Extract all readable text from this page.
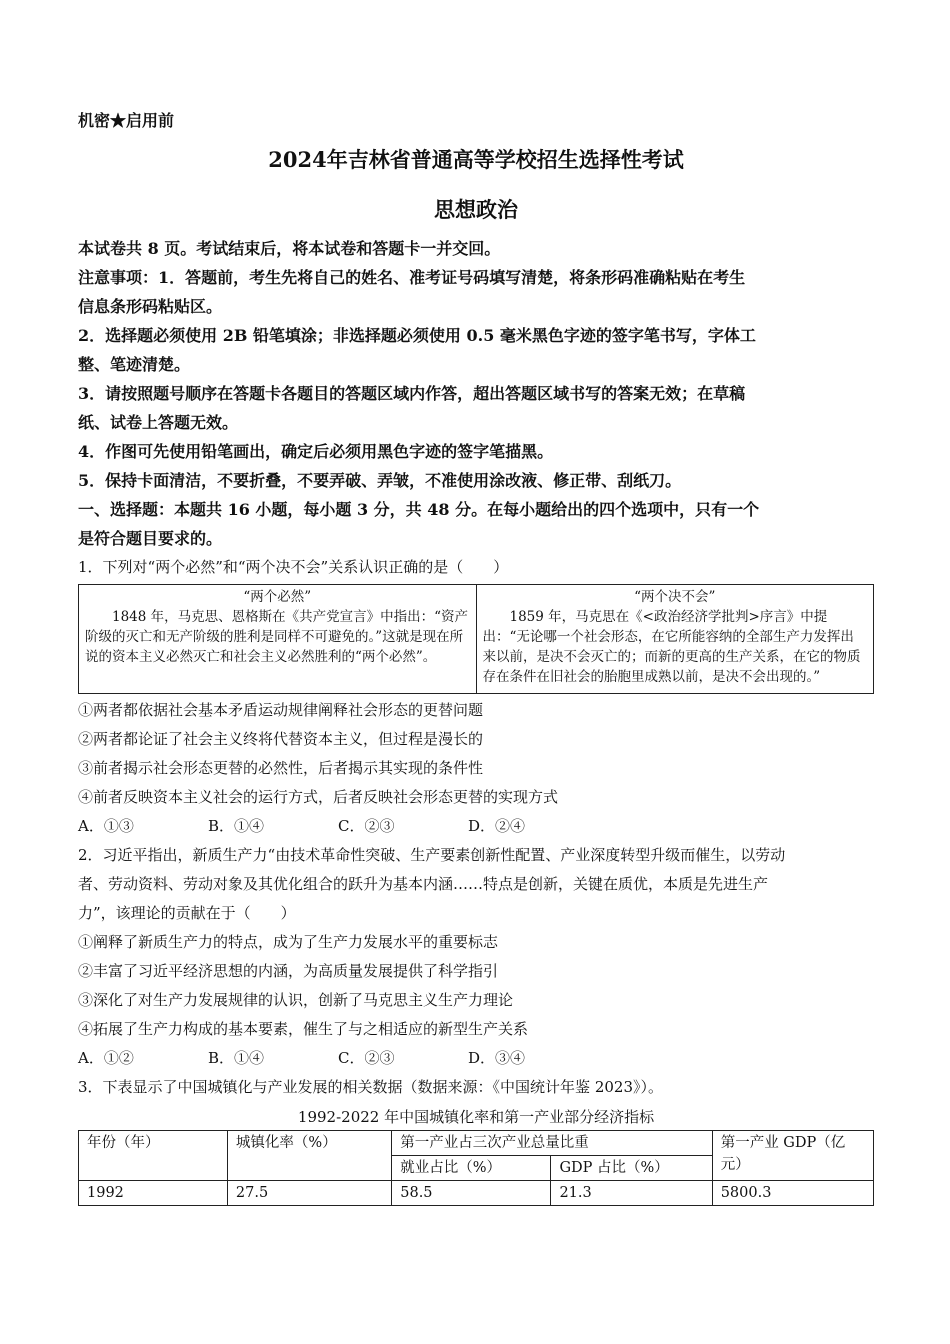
机密★启用前
2024年吉林省普通高等学校招生选择性考试
思想政治
本试卷共 8 页。考试结束后，将本试卷和答题卡一并交回。
注意事项：1．答题前，考生先将自己的姓名、准考证号码填写清楚，将条形码准确粘贴在考生
信息条形码粘贴区。
2．选择题必须使用 2B 铅笔填涂；非选择题必须使用 0.5 毫米黑色字迹的签字笔书写，字体工
整、笔迹清楚。
3．请按照题号顺序在答题卡各题目的答题区域内作答，超出答题区域书写的答案无效；在草稿
纸、试卷上答题无效。
4．作图可先使用铅笔画出，确定后必须用黑色字迹的签字笔描黑。
5．保持卡面清洁，不要折叠，不要弄破、弄皱，不准使用涂改液、修正带、刮纸刀。
一、选择题：本题共 16 小题，每小题 3 分，共 48 分。在每小题给出的四个选项中，只有一个
是符合题目要求的。
1．下列对“两个必然”和“两个决不会”关系认识正确的是（　　）
“两个必然”
1848 年，马克思、恩格斯在《共产党宣言》中指出：“资产阶级的灭亡和无产阶级的胜利是同样不可避免的。”这就是现在所说的资本主义必然灭亡和社会主义必然胜利的“两个必然”。

“两个决不会”
1859 年，马克思在《<政治经济学批判>序言》中提出：“无论哪一个社会形态，在它所能容纳的全部生产力发挥出来以前，是决不会灭亡的；而新的更高的生产关系，在它的物质存在条件在旧社会的胎胞里成熟以前，是决不会出现的。”
①两者都依据社会基本矛盾运动规律阐释社会形态的更替问题
②两者都论证了社会主义终将代替资本主义，但过程是漫长的
③前者揭示社会形态更替的必然性，后者揭示其实现的条件性
④前者反映资本主义社会的运行方式，后者反映社会形态更替的实现方式
A．①③	B．①④	C．②③	D．②④
2．习近平指出，新质生产力“由技术革命性突破、生产要素创新性配置、产业深度转型升级而催生，以劳动
者、劳动资料、劳动对象及其优化组合的跃升为基本内涵……特点是创新，关键在质优，本质是先进生产
力”，该理论的贡献在于（　　）
①阐释了新质生产力的特点，成为了生产力发展水平的重要标志
②丰富了习近平经济思想的内涵，为高质量发展提供了科学指引
③深化了对生产力发展规律的认识，创新了马克思主义生产力理论
④拓展了生产力构成的基本要素，催生了与之相适应的新型生产关系
A．①②	B．①④	C．②③	D．③④
3．下表显示了中国城镇化与产业发展的相关数据（数据来源：《中国统计年鉴 2023》）。
1992-2022 年中国城镇化率和第一产业部分经济指标
年份（年）	城镇化率（%）	第一产业占三次产业总量比重		第一产业 GDP（亿元）
		就业占比（%）	GDP 占比（%）	
1992	27.5	58.5	21.3	5800.3
